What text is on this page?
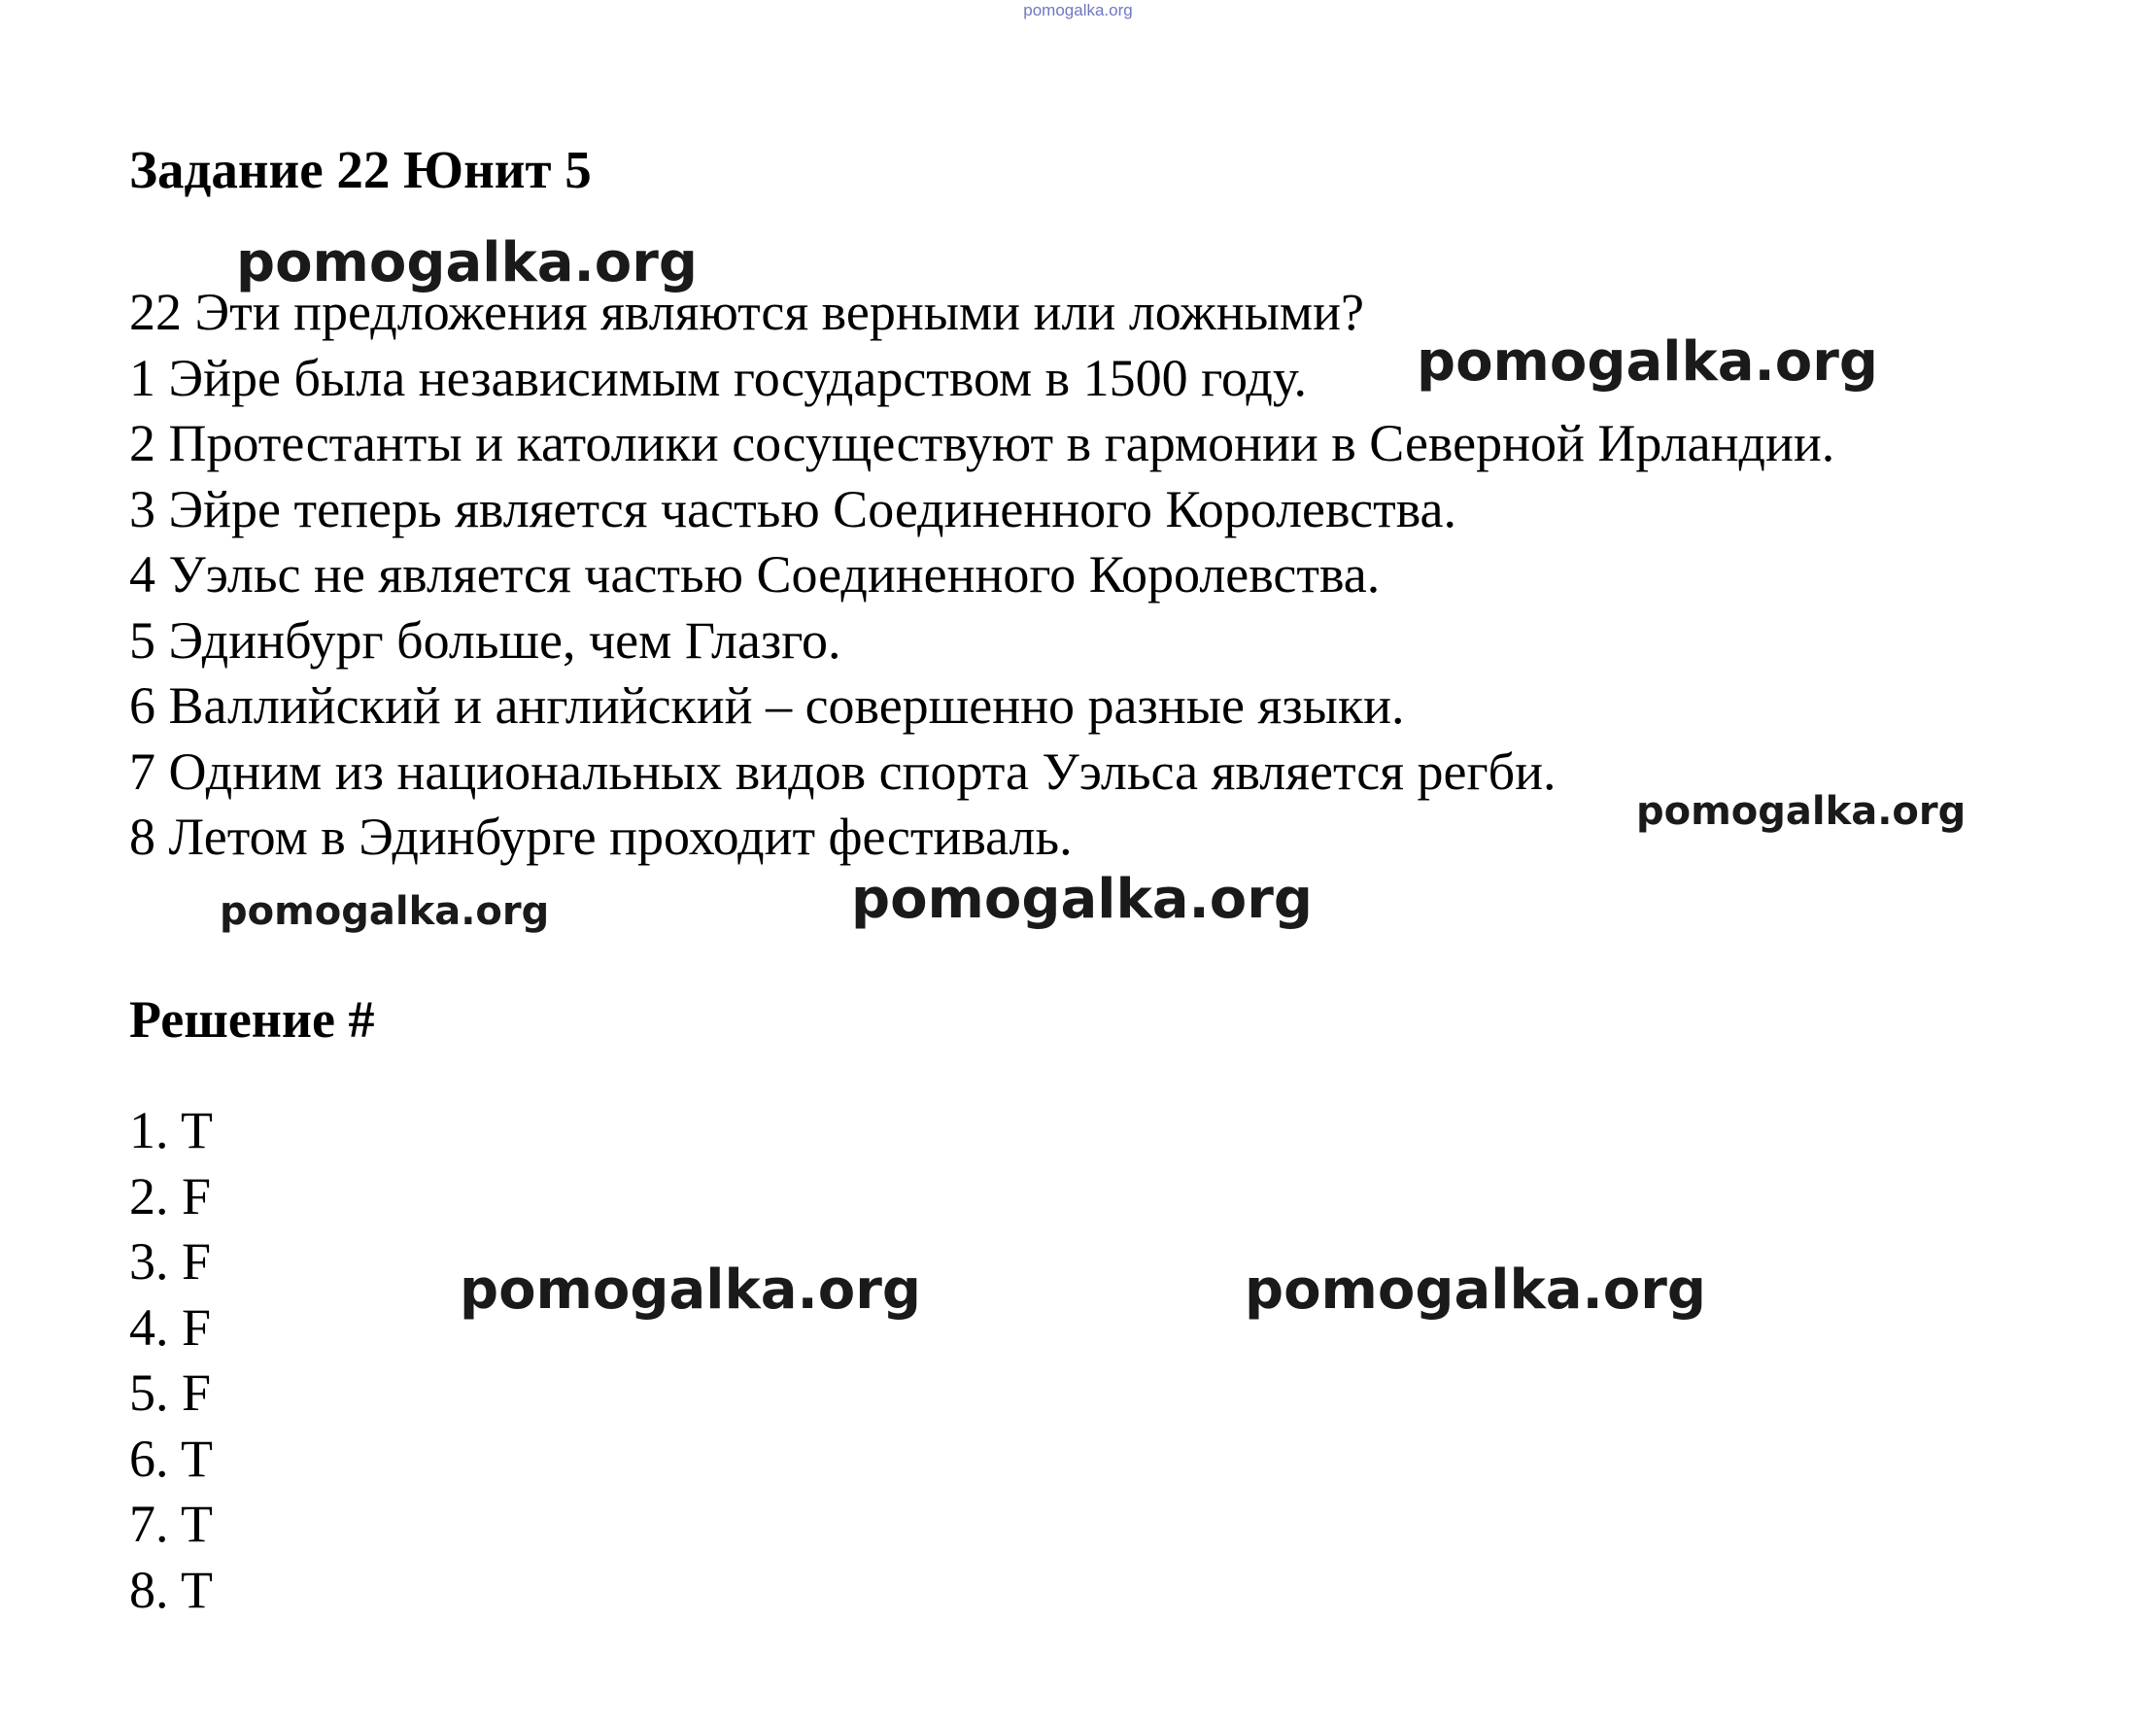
pomogalka.org
Задание 22 Юнит 5
22 Эти предложения являются верными или ложными?
1 Эйре была независимым государством в 1500 году.
2 Протестанты и католики сосуществуют в гармонии в Северной Ирландии.
3 Эйре теперь является частью Соединенного Королевства.
4 Уэльс не является частью Соединенного Королевства.
5 Эдинбург больше, чем Глазго.
6 Валлийский и английский – совершенно разные языки.
7 Одним из национальных видов спорта Уэльса является регби.
8 Летом в Эдинбурге проходит фестиваль.
Решение #
1. T
2. F
3. F
4. F
5. F
6. T
7. T
8. T
pomogalka.org
pomogalka.org
pomogalka.org
pomogalka.org	pomogalka.org
pomogalka.org	pomogalka.org
